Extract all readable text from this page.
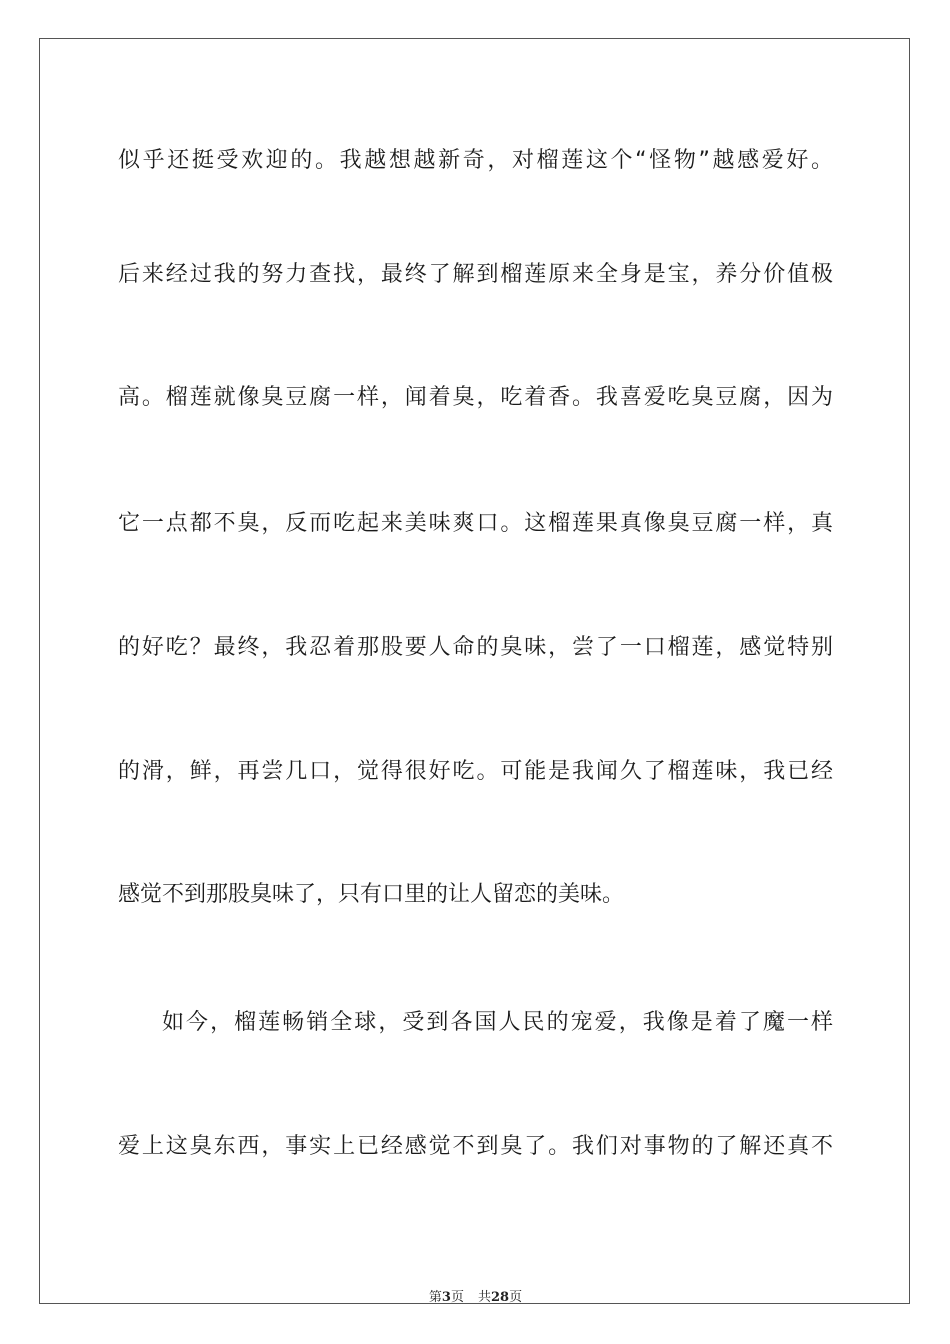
似乎还挺受欢迎的。我越想越新奇，对榴莲这个“怪物”越感爱好。
后来经过我的努力查找，最终了解到榴莲原来全身是宝，养分价值极
高。榴莲就像臭豆腐一样，闻着臭，吃着香。我喜爱吃臭豆腐，因为
它一点都不臭，反而吃起来美味爽口。这榴莲果真像臭豆腐一样，真
的好吃？最终，我忍着那股要人命的臭味，尝了一口榴莲，感觉特别
的滑，鲜，再尝几口，觉得很好吃。可能是我闻久了榴莲味，我已经
感觉不到那股臭味了，只有口里的让人留恋的美味。
如今，榴莲畅销全球，受到各国人民的宠爱，我像是着了魔一样
爱上这臭东西，事实上已经感觉不到臭了。我们对事物的了解还真不
第3页 共28页
